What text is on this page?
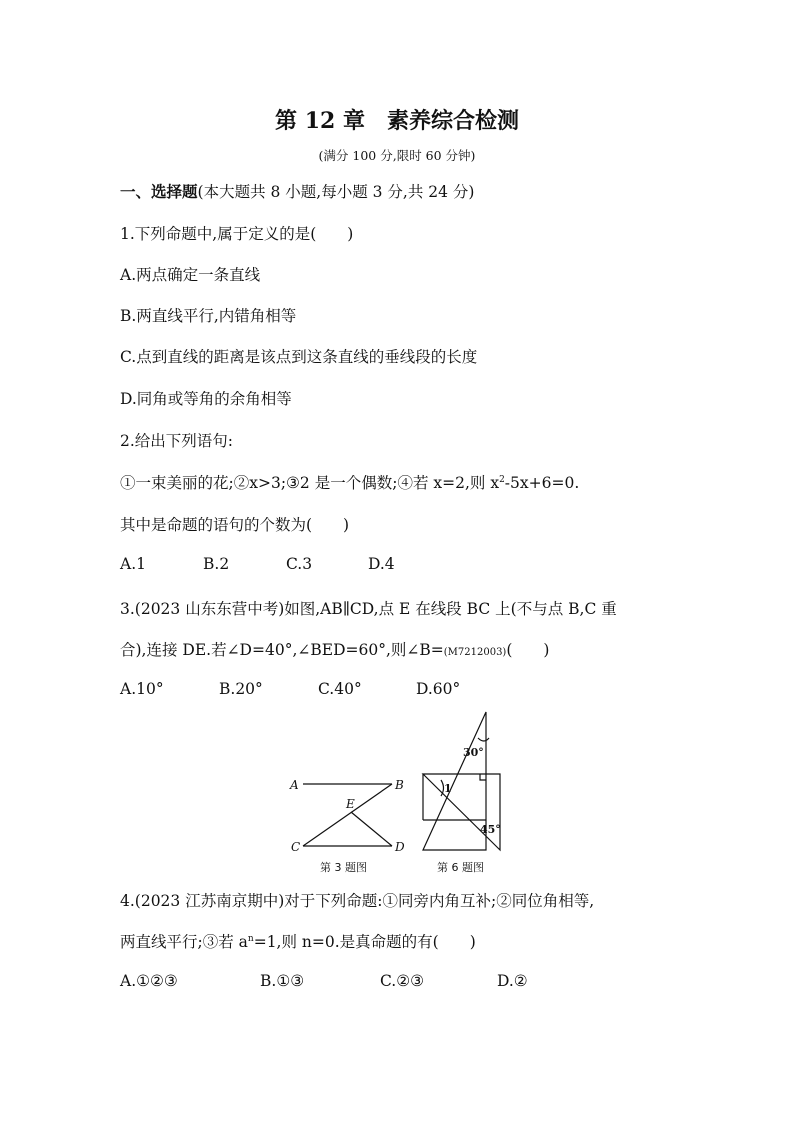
第 12 章　素养综合检测
(满分 100 分,限时 60 分钟)
一、选择题(本大题共 8 小题,每小题 3 分,共 24 分)
1.下列命题中,属于定义的是(　　)
A.两点确定一条直线
B.两直线平行,内错角相等
C.点到直线的距离是该点到这条直线的垂线段的长度
D.同角或等角的余角相等
2.给出下列语句:
①一束美丽的花;②x>3;③2 是一个偶数;④若 x=2,则 $x^2-5x+6=0$.
其中是命题的语句的个数为(　　)
A.1	B.2	C.3	D.4
3.(2023 山东东营中考)如图,AB∥CD,点 E 在线段 BC 上(不与点 B,C 重
合),连接 DE.若∠D=40°,∠BED=60°,则∠B=(M7212003)(　　)
A.10°	B.20°	C.40°	D.60°
A	B
E
C	D
第 3 题图
30°
1
45°
第 6 题图
4.(2023 江苏南京期中)对于下列命题:①同旁内角互补;②同位角相等,
两直线平行;③若 $a^n=1$,则 n=0.是真命题的有(　　)
A.①②③	B.①③	C.②③	D.②
